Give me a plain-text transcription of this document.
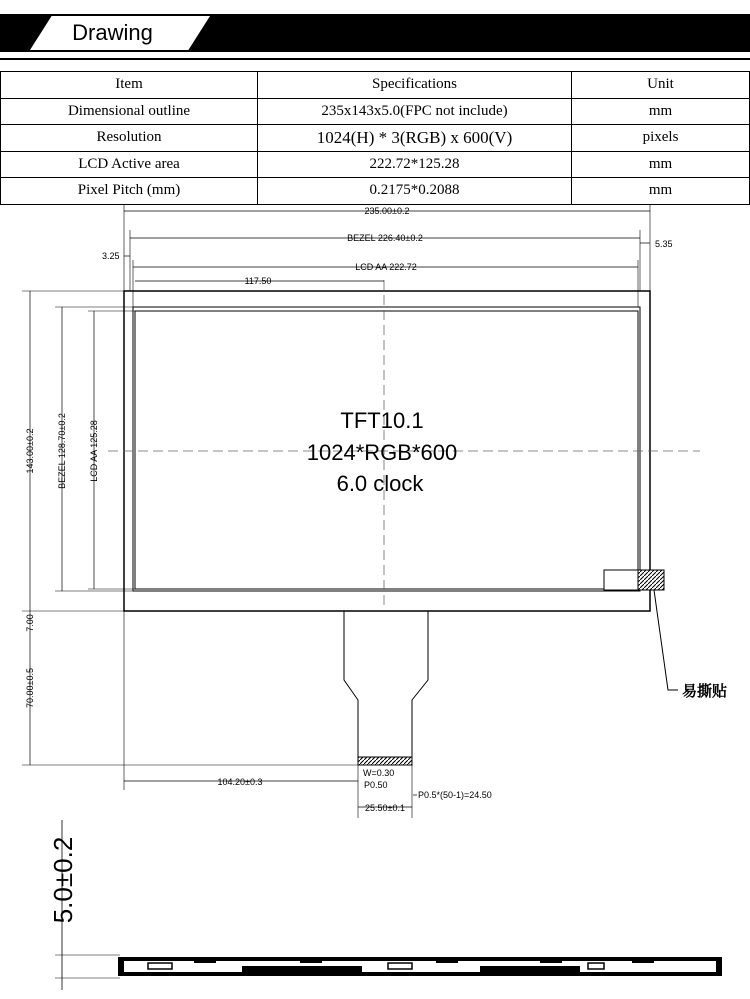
Drawing
Item	Specifications	Unit
Dimensional outline	235x143x5.0(FPC not include)	mm
Resolution	1024(H) * 3(RGB) x 600(V)	pixels
LCD Active area	222.72*125.28	mm
Pixel Pitch (mm)	0.2175*0.2088	mm
易撕贴
235.00±0.2
BEZEL 226.40±0.2
LCD AA 222.72
3.25
5.35
117.50
143.00±0.2 BEZEL 128.70±0.2 LCD AA 125.28
7.00
70.00±0.5
104.20±0.3
W=0.30
P0.50
P0.5*(50-1)=24.50
25.50±0.1
TFT10.1
1024*RGB*600
6.0 clock
5.0±0.2
